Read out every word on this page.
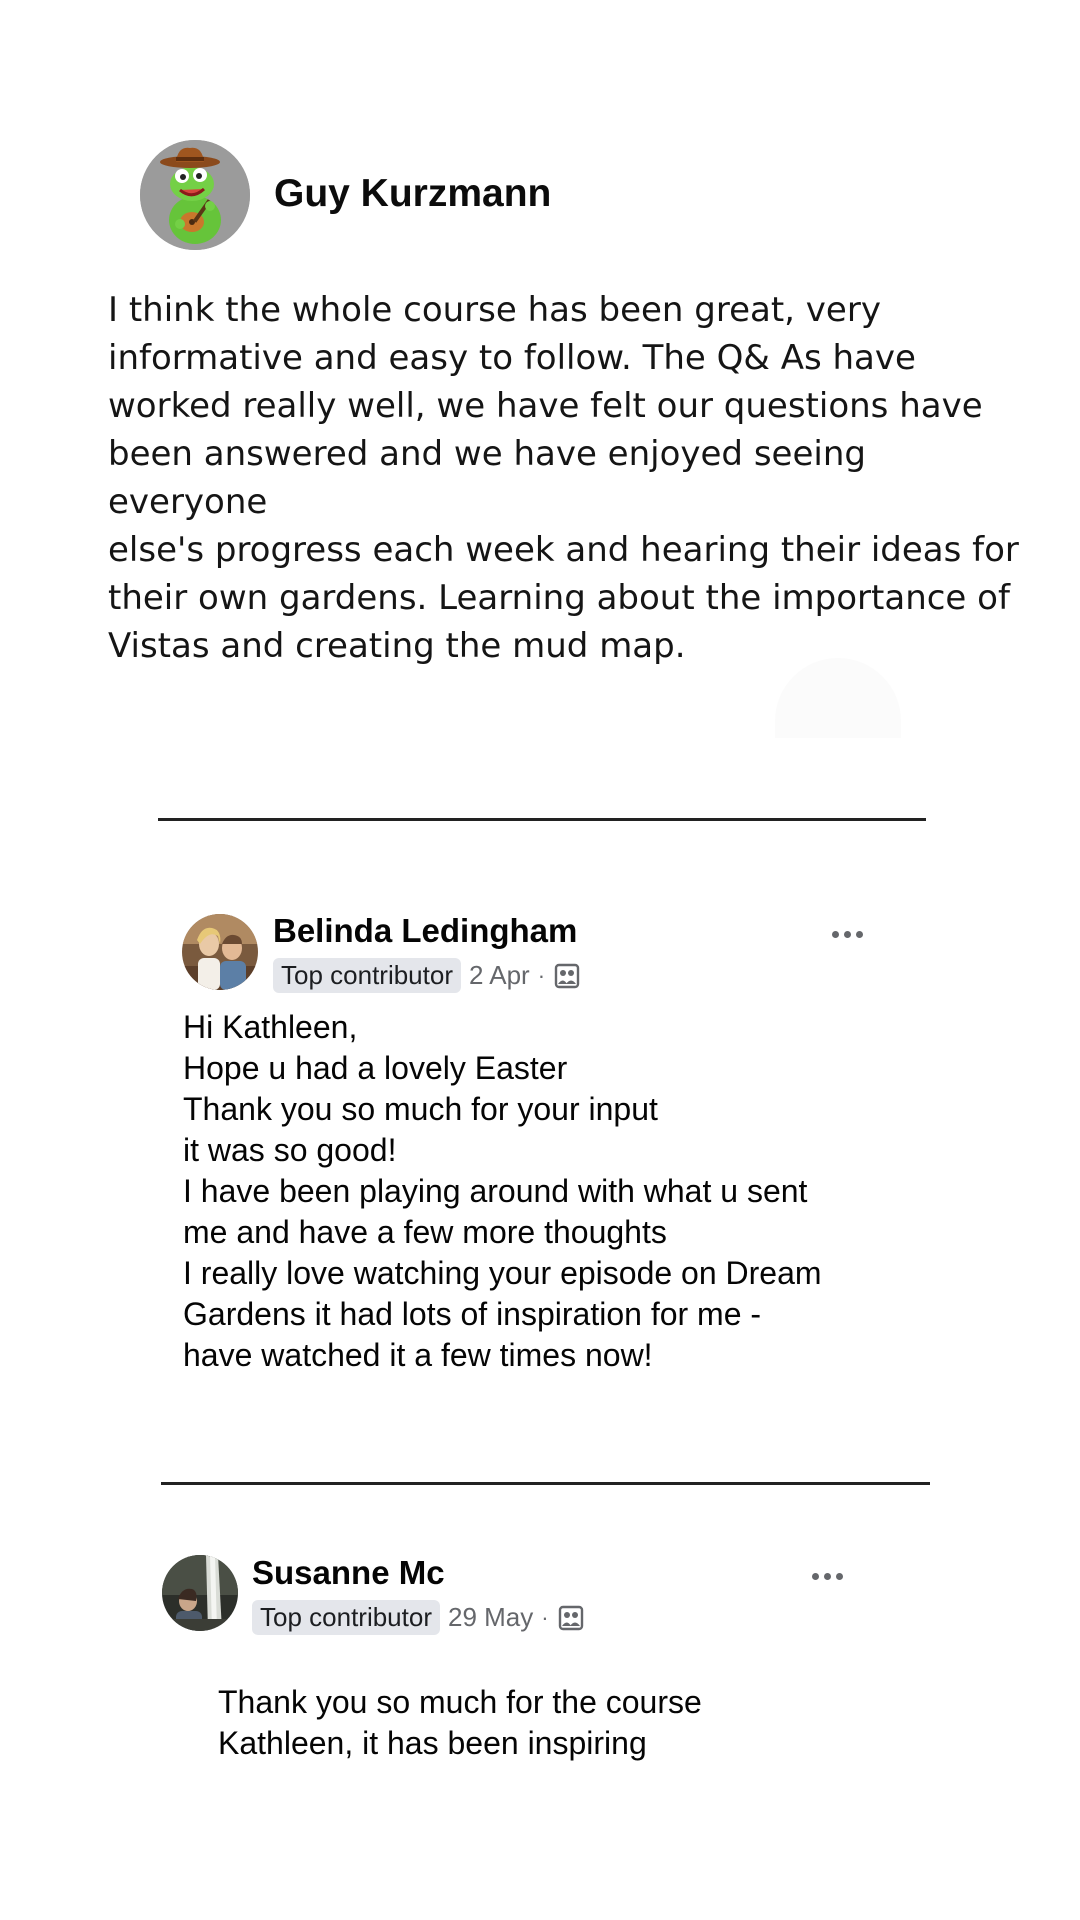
Guy Kurzmann
I think the whole course has been great, very
informative and easy to follow. The Q& As have
worked really well, we have felt our questions have
been answered and we have enjoyed seeing everyone
else's progress each week and hearing their ideas for
their own gardens. Learning about the importance of
Vistas and creating the mud map.
Belinda Ledingham
Top contributor 2 Apr ·
Hi Kathleen,
Hope u had a lovely Easter
Thank you so much for your input
it was so good!
I have been playing around with what u sent
me and have a few more thoughts
I really love watching your episode on Dream
Gardens it had lots of inspiration for me -
have watched it a few times now!
Susanne Mc
Top contributor 29 May ·
Thank you so much for the course
Kathleen, it has been inspiring
